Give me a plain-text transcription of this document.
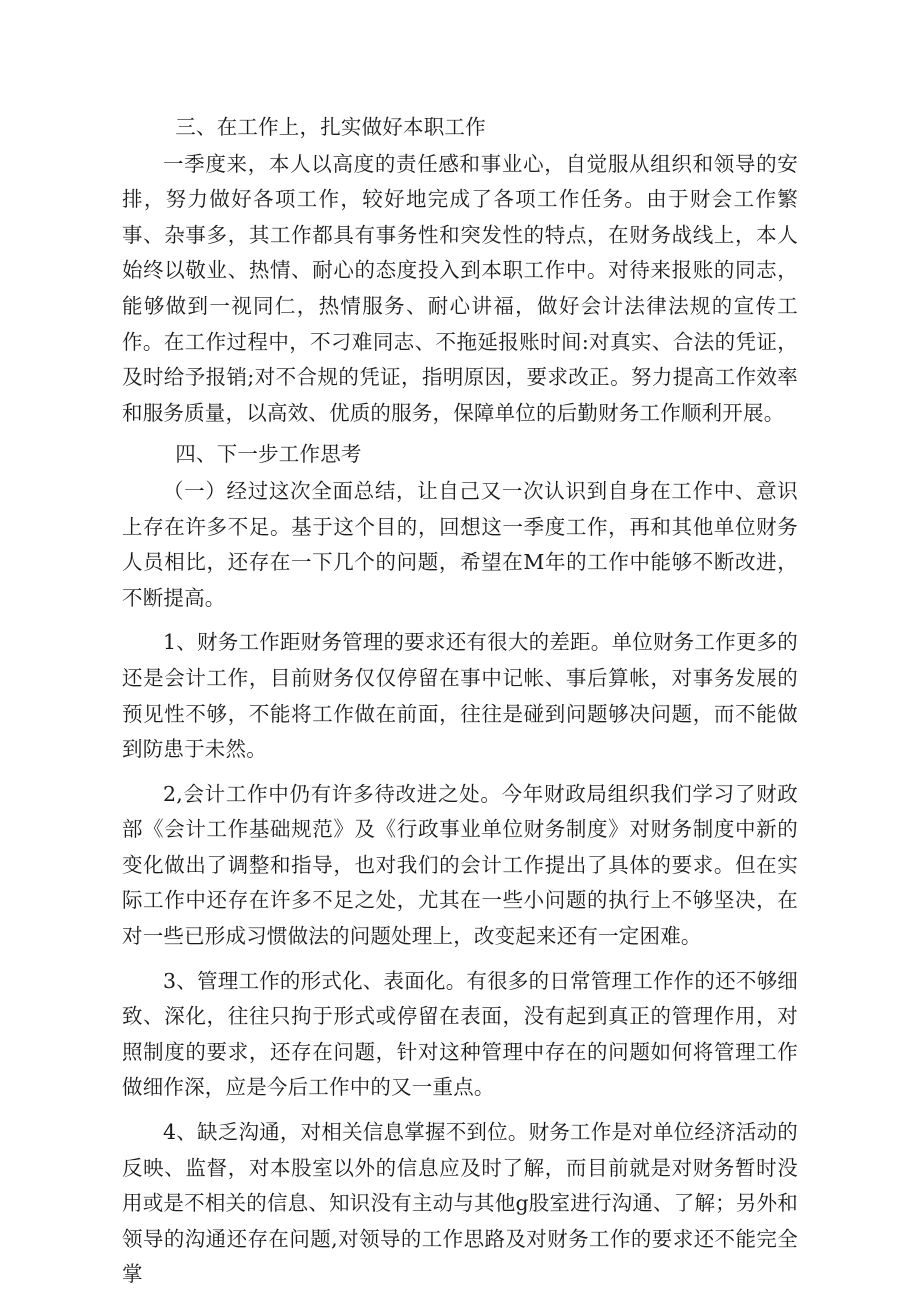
三、在工作上，扎实做好本职工作

一季度来，本人以高度的责任感和事业心，自觉服从组织和领导的安排，努力做好各项工作，较好地完成了各项工作任务。由于财会工作繁事、杂事多，其工作都具有事务性和突发性的特点，在财务战线上，本人始终以敬业、热情、耐心的态度投入到本职工作中。对待来报账的同志，能够做到一视同仁，热情服务、耐心讲福，做好会计法律法规的宣传工作。在工作过程中，不刁难同志、不拖延报账时间:对真实、合法的凭证，及时给予报销;对不合规的凭证，指明原因，要求改正。努力提高工作效率和服务质量，以高效、优质的服务，保障单位的后勤财务工作顺利开展。

四、下一步工作思考

（一）经过这次全面总结，让自己又一次认识到自身在工作中、意识上存在许多不足。基于这个目的，回想这一季度工作，再和其他单位财务人员相比，还存在一下几个的问题，希望在M年的工作中能够不断改进，不断提高。

1、财务工作距财务管理的要求还有很大的差距。单位财务工作更多的还是会计工作，目前财务仅仅停留在事中记帐、事后算帐，对事务发展的预见性不够，不能将工作做在前面，往往是碰到问题够决问题，而不能做到防患于未然。

2,会计工作中仍有许多待改进之处。今年财政局组织我们学习了财政部《会计工作基础规范》及《行政事业单位财务制度》对财务制度中新的变化做出了调整和指导，也对我们的会计工作提出了具体的要求。但在实际工作中还存在许多不足之处，尤其在一些小问题的执行上不够坚决，在对一些已形成习惯做法的问题处理上，改变起来还有一定困难。

3、管理工作的形式化、表面化。有很多的日常管理工作作的还不够细致、深化，往往只拘于形式或停留在表面，没有起到真正的管理作用，对照制度的要求，还存在问题，针对这种管理中存在的问题如何将管理工作做细作深，应是今后工作中的又一重点。

4、缺乏沟通，对相关信息掌握不到位。财务工作是对单位经济活动的反映、监督，对本股室以外的信息应及时了解，而目前就是对财务暂时没用或是不相关的信息、知识没有主动与其他g股室进行沟通、了解；另外和领导的沟通还存在问题,对领导的工作思路及对财务工作的要求还不能完全掌
